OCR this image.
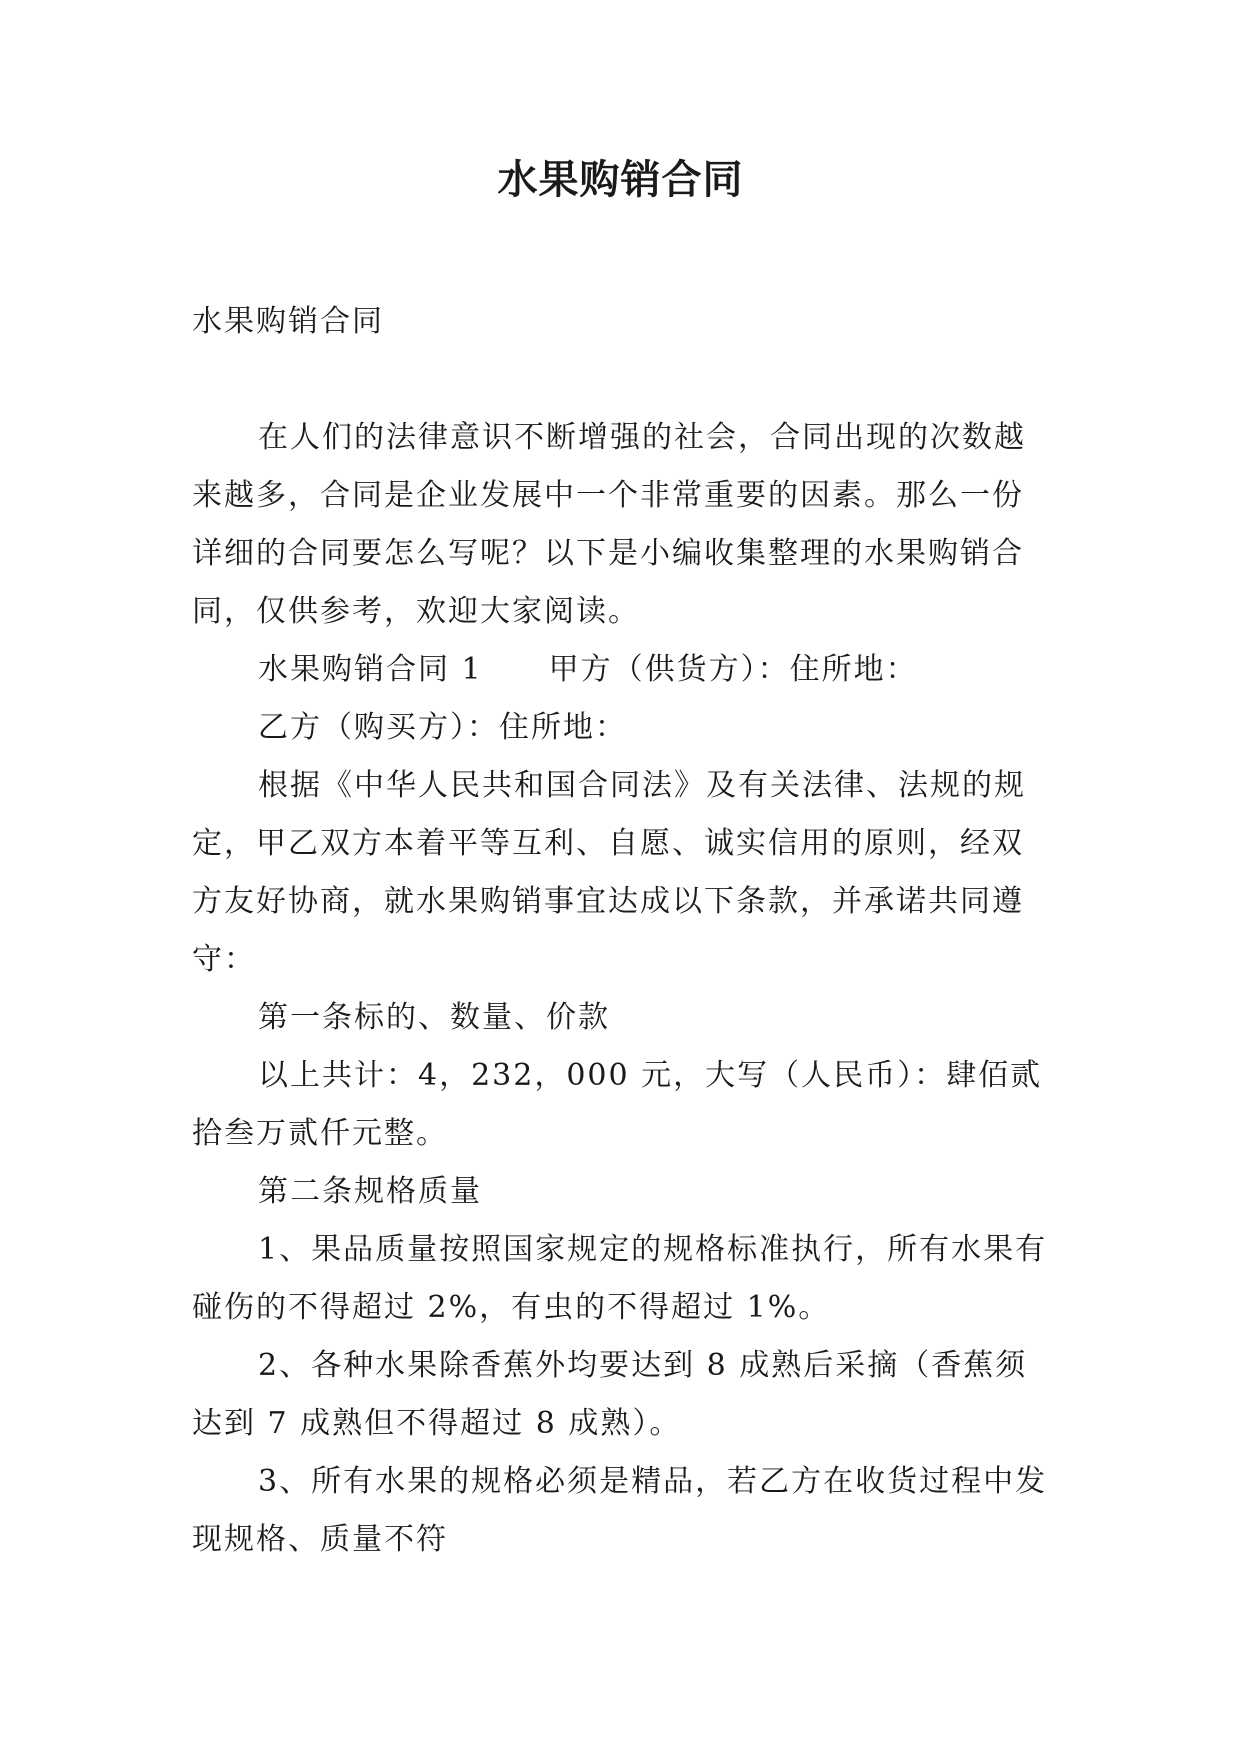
水果购销合同

水果购销合同

在人们的法律意识不断增强的社会，合同出现的次数越来越多，合同是企业发展中一个非常重要的因素。那么一份详细的合同要怎么写呢？以下是小编收集整理的水果购销合同，仅供参考，欢迎大家阅读。

水果购销合同 1 甲方（供货方）：住所地：

乙方（购买方）：住所地：

根据《中华人民共和国合同法》及有关法律、法规的规定，甲乙双方本着平等互利、自愿、诚实信用的原则，经双方友好协商，就水果购销事宜达成以下条款，并承诺共同遵守：

第一条标的、数量、价款

以上共计：4，232，000 元，大写（人民币）：肆佰贰拾叁万贰仟元整。

第二条规格质量

1、果品质量按照国家规定的规格标准执行，所有水果有碰伤的不得超过 2%，有虫的不得超过 1%。

2、各种水果除香蕉外均要达到 8 成熟后采摘（香蕉须达到 7 成熟但不得超过 8 成熟）。

3、所有水果的规格必须是精品，若乙方在收货过程中发现规格、质量不符
